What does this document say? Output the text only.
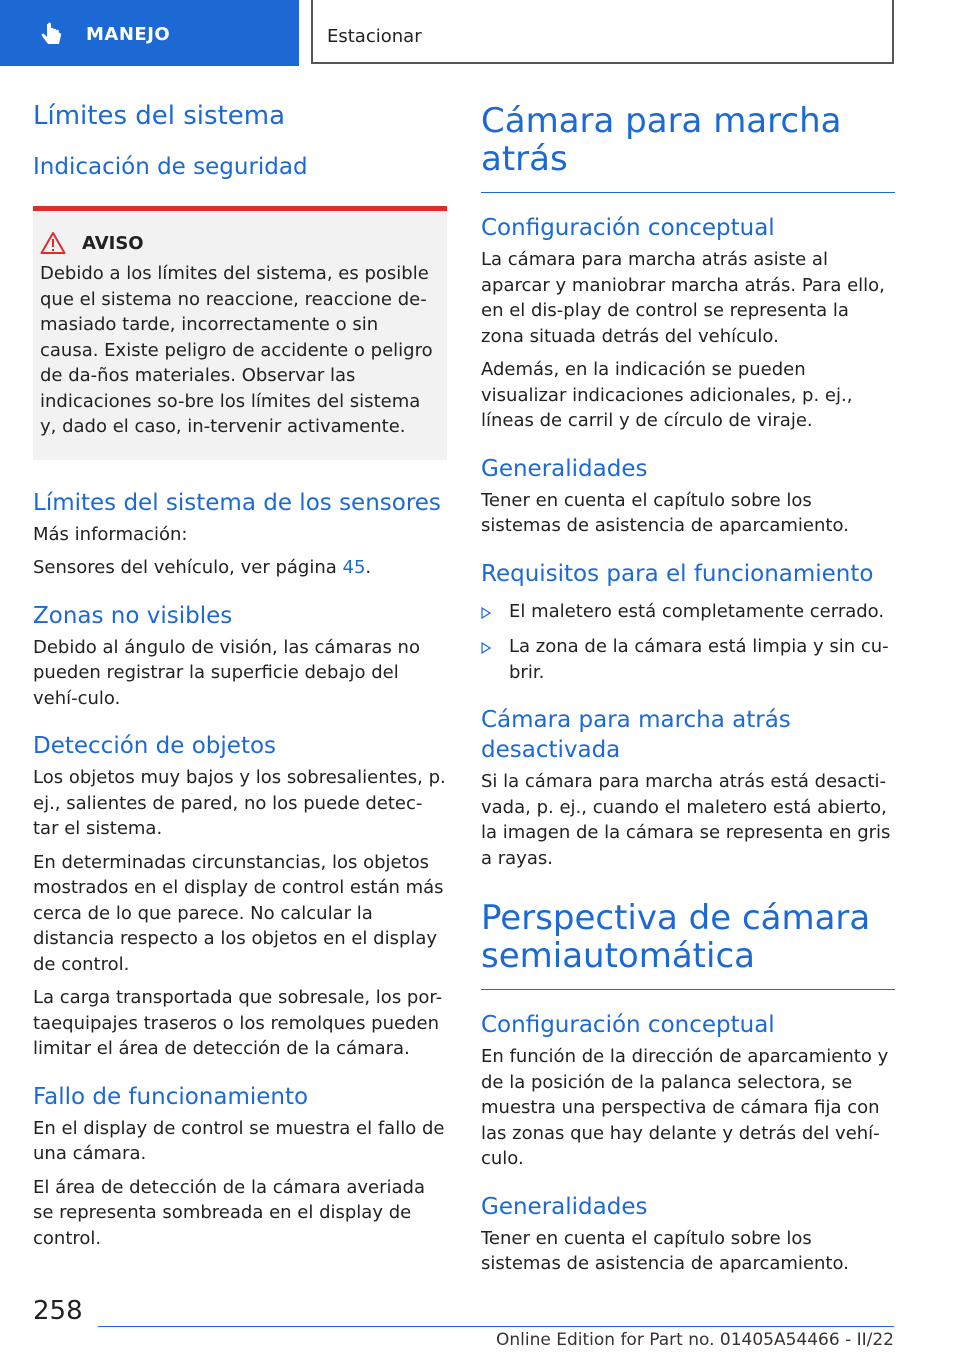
MANEJO	Estacionar
Límites del sistema
Indicación de seguridad
AVISO

Debido a los límites del sistema, es posible que el sistema no reaccione, reaccione de-masiado tarde, incorrectamente o sin causa. Existe peligro de accidente o peligro de da-ños materiales. Observar las indicaciones so-bre los límites del sistema y, dado el caso, in-tervenir activamente.

Límites del sistema de los sensores

Más información:

Sensores del vehículo, ver página 45.

Zonas no visibles

Debido al ángulo de visión, las cámaras no pueden registrar la superficie debajo del vehí-culo.

Detección de objetos

Los objetos muy bajos y los sobresalientes, p. ej., salientes de pared, no los puede detec-tar el sistema.

En determinadas circunstancias, los objetos mostrados en el display de control están más cerca de lo que parece. No calcular la distancia respecto a los objetos en el display de control.

La carga transportada que sobresale, los por-taequipajes traseros o los remolques pueden limitar el área de detección de la cámara.

Fallo de funcionamiento

En el display de control se muestra el fallo de una cámara.

El área de detección de la cámara averiada se representa sombreada en el display de control.

Cámara para marcha atrás
Configuración conceptual

La cámara para marcha atrás asiste al aparcar y maniobrar marcha atrás. Para ello, en el dis-play de control se representa la zona situada detrás del vehículo.

Además, en la indicación se pueden visualizar indicaciones adicionales, p. ej., líneas de carril y de círculo de viraje.

Generalidades

Tener en cuenta el capítulo sobre los sistemas de asistencia de aparcamiento.

Requisitos para el funcionamiento
El maletero está completamente cerrado.
La zona de la cámara está limpia y sin cu-brir.
Cámara para marcha atrás desactivada

Si la cámara para marcha atrás está desacti-vada, p. ej., cuando el maletero está abierto, la imagen de la cámara se representa en gris a rayas.

Perspectiva de cámara semiautomática
Configuración conceptual

En función de la dirección de aparcamiento y de la posición de la palanca selectora, se muestra una perspectiva de cámara fija con las zonas que hay delante y detrás del vehí-culo.

Generalidades

Tener en cuenta el capítulo sobre los sistemas de asistencia de aparcamiento.

258
Online Edition for Part no. 01405A54466 - II/22
